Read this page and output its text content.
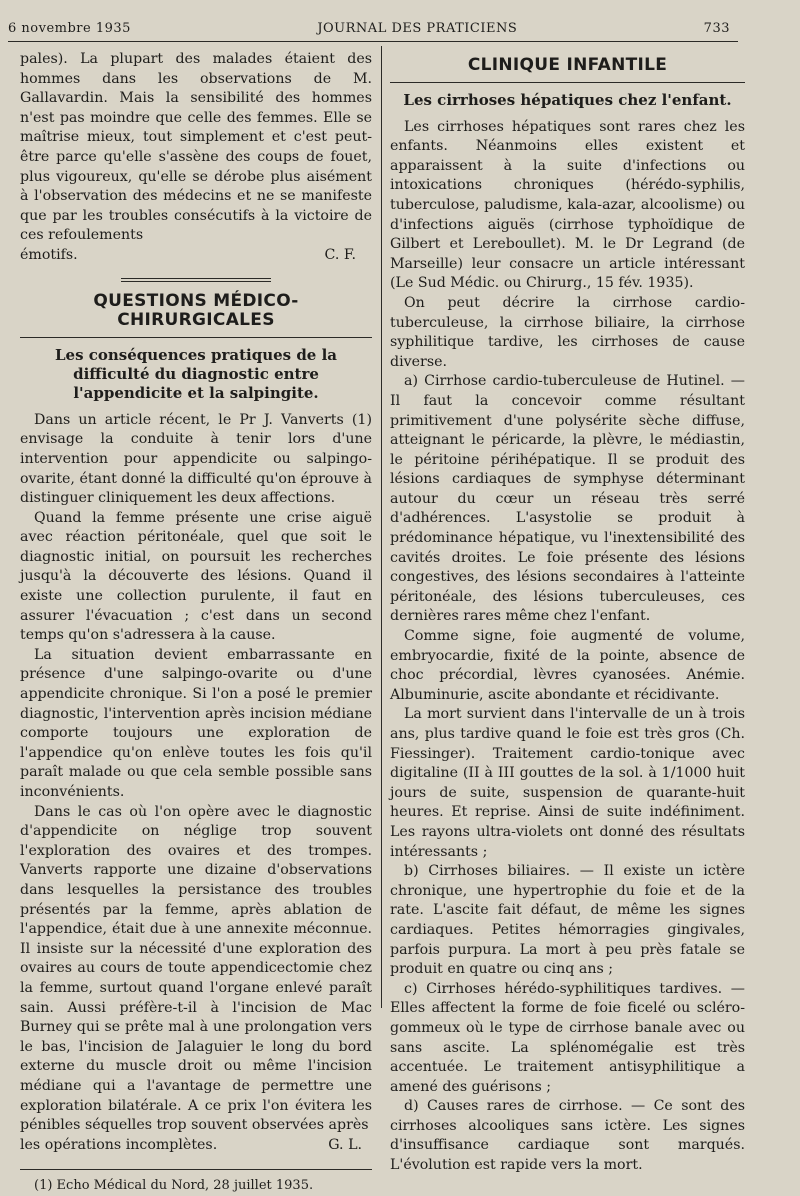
6 novembre 1935	JOURNAL DES PRATICIENS	733

pales). La plupart des malades étaient des hommes dans les observations de M. Gallavardin. Mais la sensibilité des hommes n'est pas moindre que celle des femmes. Elle se maîtrise mieux, tout simplement et c'est peut-être parce qu'elle s'assène des coups de fouet, plus vigoureux, qu'elle se dérobe plus aisément à l'observation des médecins et ne se manifeste que par les troubles consécutifs à la victoire de ces refoulements

émotifs.	C. F.
QUESTIONS MÉDICO-CHIRURGICALES
Les conséquences pratiques de la difficulté du diagnostic entre l'appendicite et la salpingite.

Dans un article récent, le Pr J. Vanverts (1) envisage la conduite à tenir lors d'une intervention pour appendicite ou salpingo-ovarite, étant donné la difficulté qu'on éprouve à distinguer cliniquement les deux affections.

Quand la femme présente une crise aiguë avec réaction péritonéale, quel que soit le diagnostic initial, on poursuit les recherches jusqu'à la découverte des lésions. Quand il existe une collection purulente, il faut en assurer l'évacuation ; c'est dans un second temps qu'on s'adressera à la cause.

La situation devient embarrassante en présence d'une salpingo-ovarite ou d'une appendicite chronique. Si l'on a posé le premier diagnostic, l'intervention après incision médiane comporte toujours une exploration de l'appendice qu'on enlève toutes les fois qu'il paraît malade ou que cela semble possible sans inconvénients.

Dans le cas où l'on opère avec le diagnostic d'appendicite on néglige trop souvent l'exploration des ovaires et des trompes. Vanverts rapporte une dizaine d'observations dans lesquelles la persistance des troubles présentés par la femme, après ablation de l'appendice, était due à une annexite méconnue. Il insiste sur la nécessité d'une exploration des ovaires au cours de toute appendicectomie chez la femme, surtout quand l'organe enlevé paraît sain. Aussi préfère-t-il à l'incision de Mac Burney qui se prête mal à une prolongation vers le bas, l'incision de Jalaguier le long du bord externe du muscle droit ou même l'incision médiane qui a l'avantage de permettre une exploration bilatérale. A ce prix l'on évitera les pénibles séquelles trop souvent observées après

les opérations incomplètes.	G. L.
(1) Echo Médical du Nord, 28 juillet 1935.
CLINIQUE INFANTILE
Les cirrhoses hépatiques chez l'enfant.

Les cirrhoses hépatiques sont rares chez les enfants. Néanmoins elles existent et apparaissent à la suite d'infections ou intoxications chroniques (hérédo-syphilis, tuberculose, paludisme, kala-azar, alcoolisme) ou d'infections aiguës (cirrhose typhoïdique de Gilbert et Lereboullet). M. le Dr Legrand (de Marseille) leur consacre un article intéressant (Le Sud Médic. ou Chirurg., 15 fév. 1935).

On peut décrire la cirrhose cardio-tuberculeuse, la cirrhose biliaire, la cirrhose syphilitique tardive, les cirrhoses de cause diverse.

a) Cirrhose cardio-tuberculeuse de Hutinel. — Il faut la concevoir comme résultant primitivement d'une polysérite sèche diffuse, atteignant le péricarde, la plèvre, le médiastin, le péritoine périhépatique. Il se produit des lésions cardiaques de symphyse déterminant autour du cœur un réseau très serré d'adhérences. L'asystolie se produit à prédominance hépatique, vu l'inextensibilité des cavités droites. Le foie présente des lésions congestives, des lésions secondaires à l'atteinte péritonéale, des lésions tuberculeuses, ces dernières rares même chez l'enfant.

Comme signe, foie augmenté de volume, embryocardie, fixité de la pointe, absence de choc précordial, lèvres cyanosées. Anémie. Albuminurie, ascite abondante et récidivante.

La mort survient dans l'intervalle de un à trois ans, plus tardive quand le foie est très gros (Ch. Fiessinger). Traitement cardio-tonique avec digitaline (II à III gouttes de la sol. à 1/1000 huit jours de suite, suspension de quarante-huit heures. Et reprise. Ainsi de suite indéfiniment. Les rayons ultra-violets ont donné des résultats intéressants ;

b) Cirrhoses biliaires. — Il existe un ictère chronique, une hypertrophie du foie et de la rate. L'ascite fait défaut, de même les signes cardiaques. Petites hémorragies gingivales, parfois purpura. La mort à peu près fatale se produit en quatre ou cinq ans ;

c) Cirrhoses hérédo-syphilitiques tardives. — Elles affectent la forme de foie ficelé ou scléro-gommeux où le type de cirrhose banale avec ou sans ascite. La splénomégalie est très accentuée. Le traitement antisyphilitique a amené des guérisons ;

d) Causes rares de cirrhose. — Ce sont des cirrhoses alcooliques sans ictère. Les signes d'insuffisance cardiaque sont marqués. L'évolution est rapide vers la mort.
